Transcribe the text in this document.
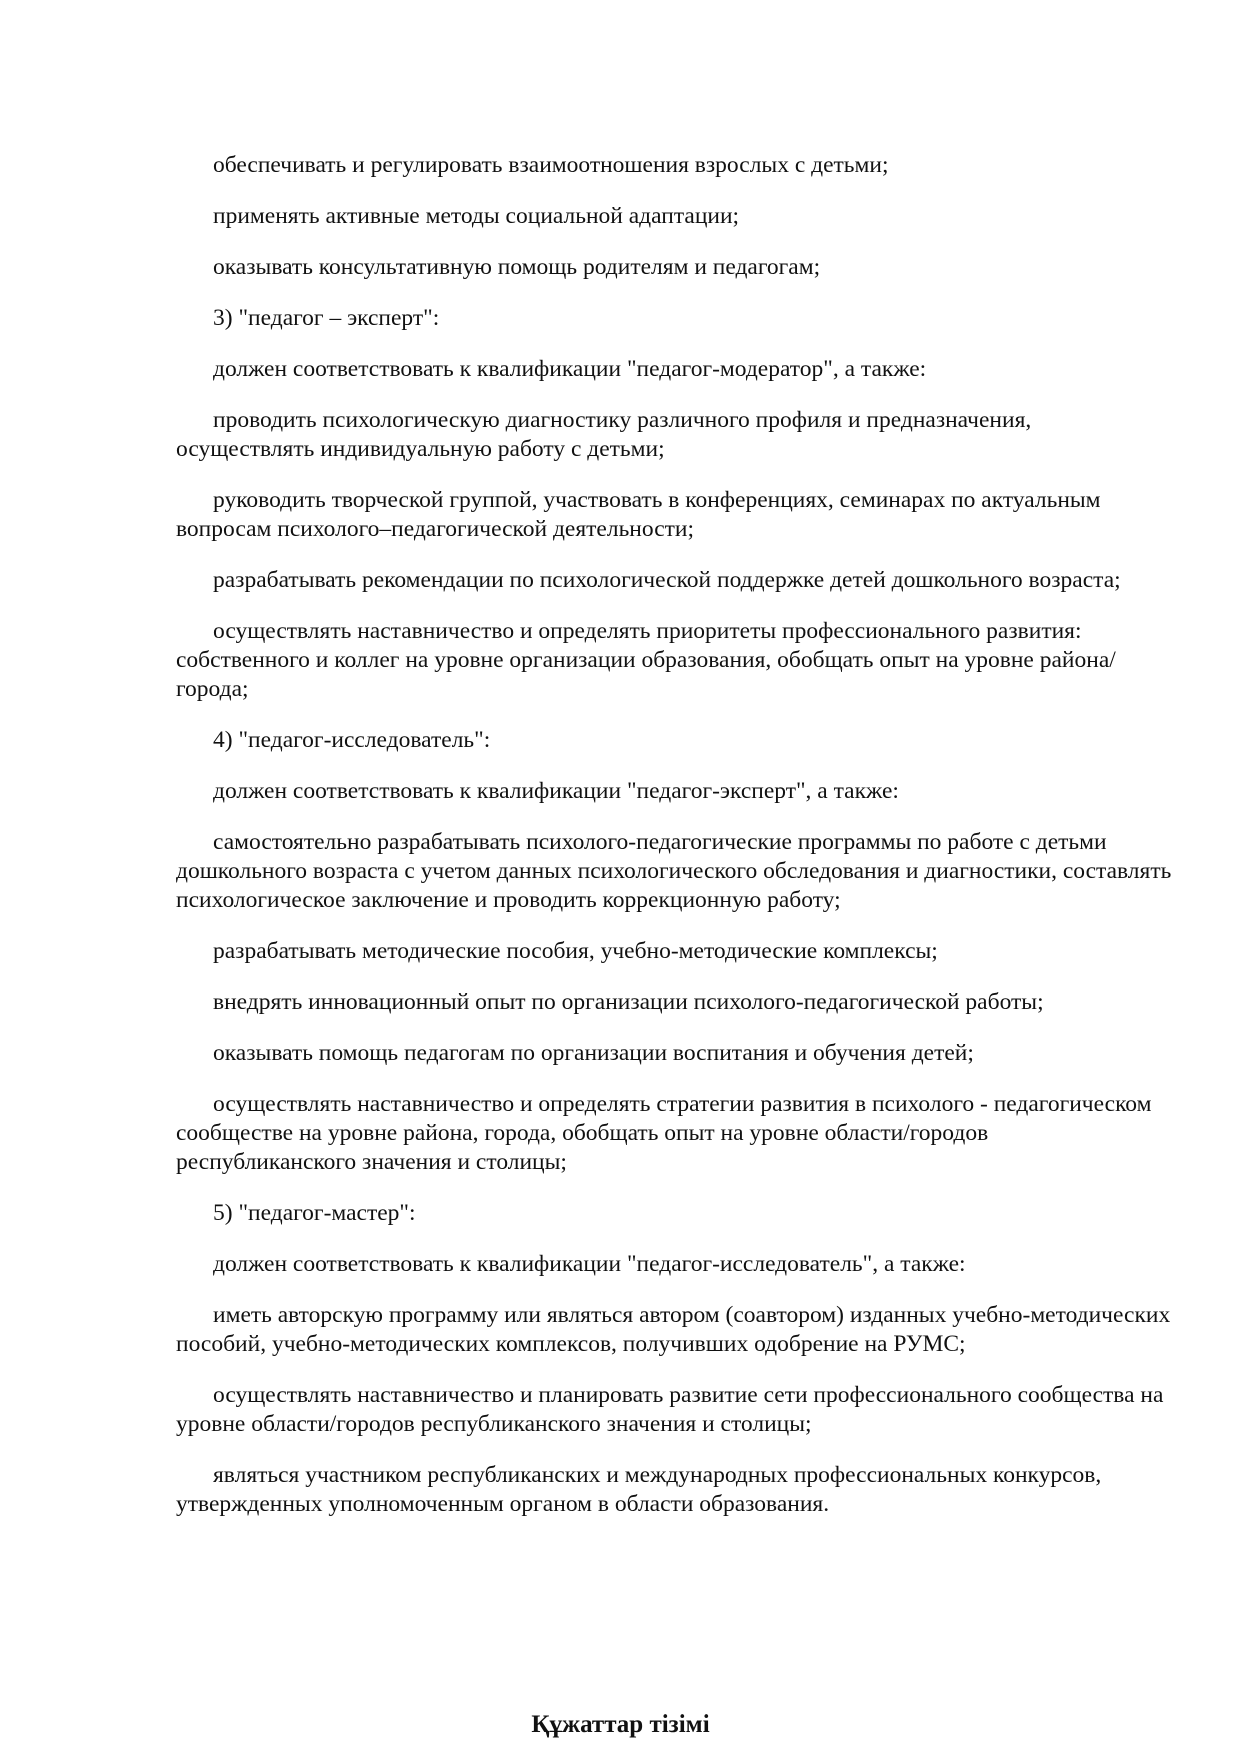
обеспечивать и регулировать взаимоотношения взрослых с детьми;

применять активные методы социальной адаптации;

оказывать консультативную помощь родителям и педагогам;

3) "педагог – эксперт":

должен соответствовать к квалификации "педагог-модератор", а также:

проводить психологическую диагностику различного профиля и предназначения, осуществлять индивидуальную работу с детьми;

руководить творческой группой, участвовать в конференциях, семинарах по актуальным вопросам психолого–педагогической деятельности;

разрабатывать рекомендации по психологической поддержке детей дошкольного возраста;

осуществлять наставничество и определять приоритеты профессионального развития: собственного и коллег на уровне организации образования, обобщать опыт на уровне района/города;

4) "педагог-исследователь":

должен соответствовать к квалификации "педагог-эксперт", а также:

самостоятельно разрабатывать психолого-педагогические программы по работе с детьми дошкольного возраста с учетом данных психологического обследования и диагностики, составлять психологическое заключение и проводить коррекционную работу;

разрабатывать методические пособия, учебно-методические комплексы;

внедрять инновационный опыт по организации психолого-педагогической работы;

оказывать помощь педагогам по организации воспитания и обучения детей;

осуществлять наставничество и определять стратегии развития в психолого - педагогическом сообществе на уровне района, города, обобщать опыт на уровне области/городов республиканского значения и столицы;

5) "педагог-мастер":

должен соответствовать к квалификации "педагог-исследователь", а также:

иметь авторскую программу или являться автором (соавтором) изданных учебно-методических пособий, учебно-методических комплексов, получивших одобрение на РУМС;

осуществлять наставничество и планировать развитие сети профессионального сообщества на уровне области/городов республиканского значения и столицы;

являться участником республиканских и международных профессиональных конкурсов, утвержденных уполномоченным органом в области образования.

Құжаттар тізімі
